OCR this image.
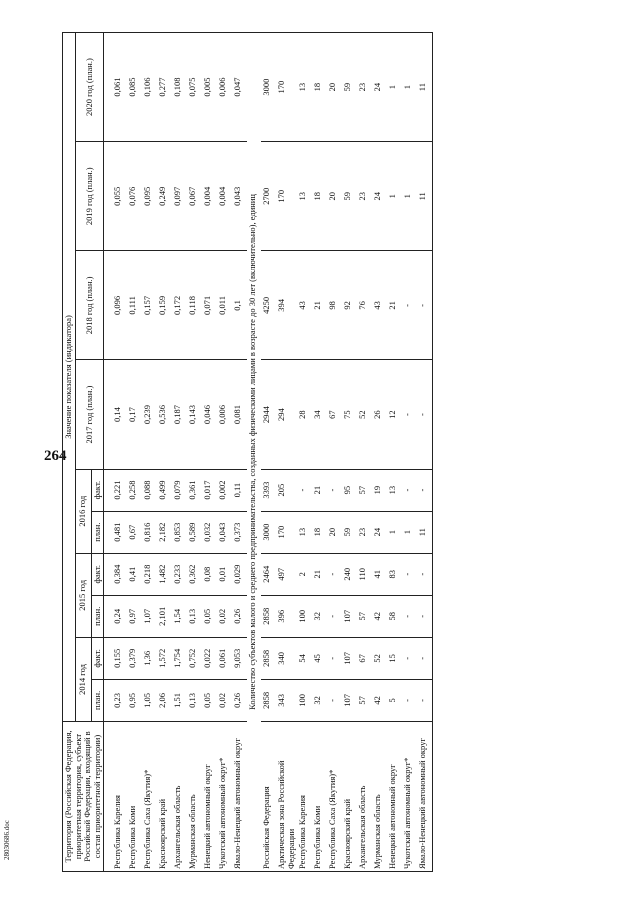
264
28030686.doc	Территория (Российская Федерация, приоритетная территория, субъект Российской Федерации, входящий в состав приоритетной территории)	Значение показателя (индикатора)									
	2014 год		2015 год		2016 год		2017 год (план.)	2018 год (план.)	2019 год (план.)	2020 год (план.)
	план.	факт.	план.	факт.	план.	факт.				

Республика Карелия	0,23	0,155	0,24	0,384	0,481	0,221	0,14	0,096	0,055	0,061
Республика Коми	0,95	0,379	0,97	0,41	0,67	0,258	0,17	0,111	0,076	0,085
Республика Саха (Якутия)*	1,05	1,36	1,07	0,218	0,816	0,088	0,239	0,157	0,095	0,106
Красноярский край	2,06	1,572	2,101	1,482	2,182	0,499	0,536	0,159	0,249	0,277
Архангельская область	1,51	1,754	1,54	0,233	0,853	0,079	0,187	0,172	0,097	0,108
Мурманская область	0,13	0,752	0,13	0,362	0,589	0,361	0,143	0,118	0,067	0,075
Ненецкий автономный округ	0,05	0,022	0,05	0,08	0,032	0,017	0,046	0,071	0,004	0,005
Чукотский автономный округ*	0,02	0,061	0,02	0,01	0,043	0,002	0,006	0,011	0,004	0,006
Ямало-Ненецкий автономный округ	0,26	9,053	0,26	0,029	0,373	0,11	0,081	0,1	0,043	0,047
Количество субъектов малого и среднего предпринимательства, созданных физическими лицами в возрасте до 30 лет (включительно), единиц										
Российская Федерация	2858	2858	2858	2464	3000	3393	2944	4250	2700	3000
Арктическая зона Российской Федерации	343	340	396	497	170	205	294	394	170	170
Республика Карелия	100	54	100	2	13	-	28	43	13	13
Республика Коми	32	45	32	21	18	21	34	21	18	18
Республика Саха (Якутия)*	-	-	-	-	20	-	67	98	20	20
Красноярский край	107	107	107	240	59	95	75	92	59	59
Архангельская область	57	67	57	110	23	57	52	76	23	23
Мурманская область	42	52	42	41	24	19	26	43	24	24
Ненецкий автономный округ	5	15	58	83	1	13	12	21	1	1
Чукотский автономный округ*	-	-	-	-	1	-	-	-	1	1
Ямало-Ненецкий автономный округ	-	-	-	-	11	-	-	-	11	11
